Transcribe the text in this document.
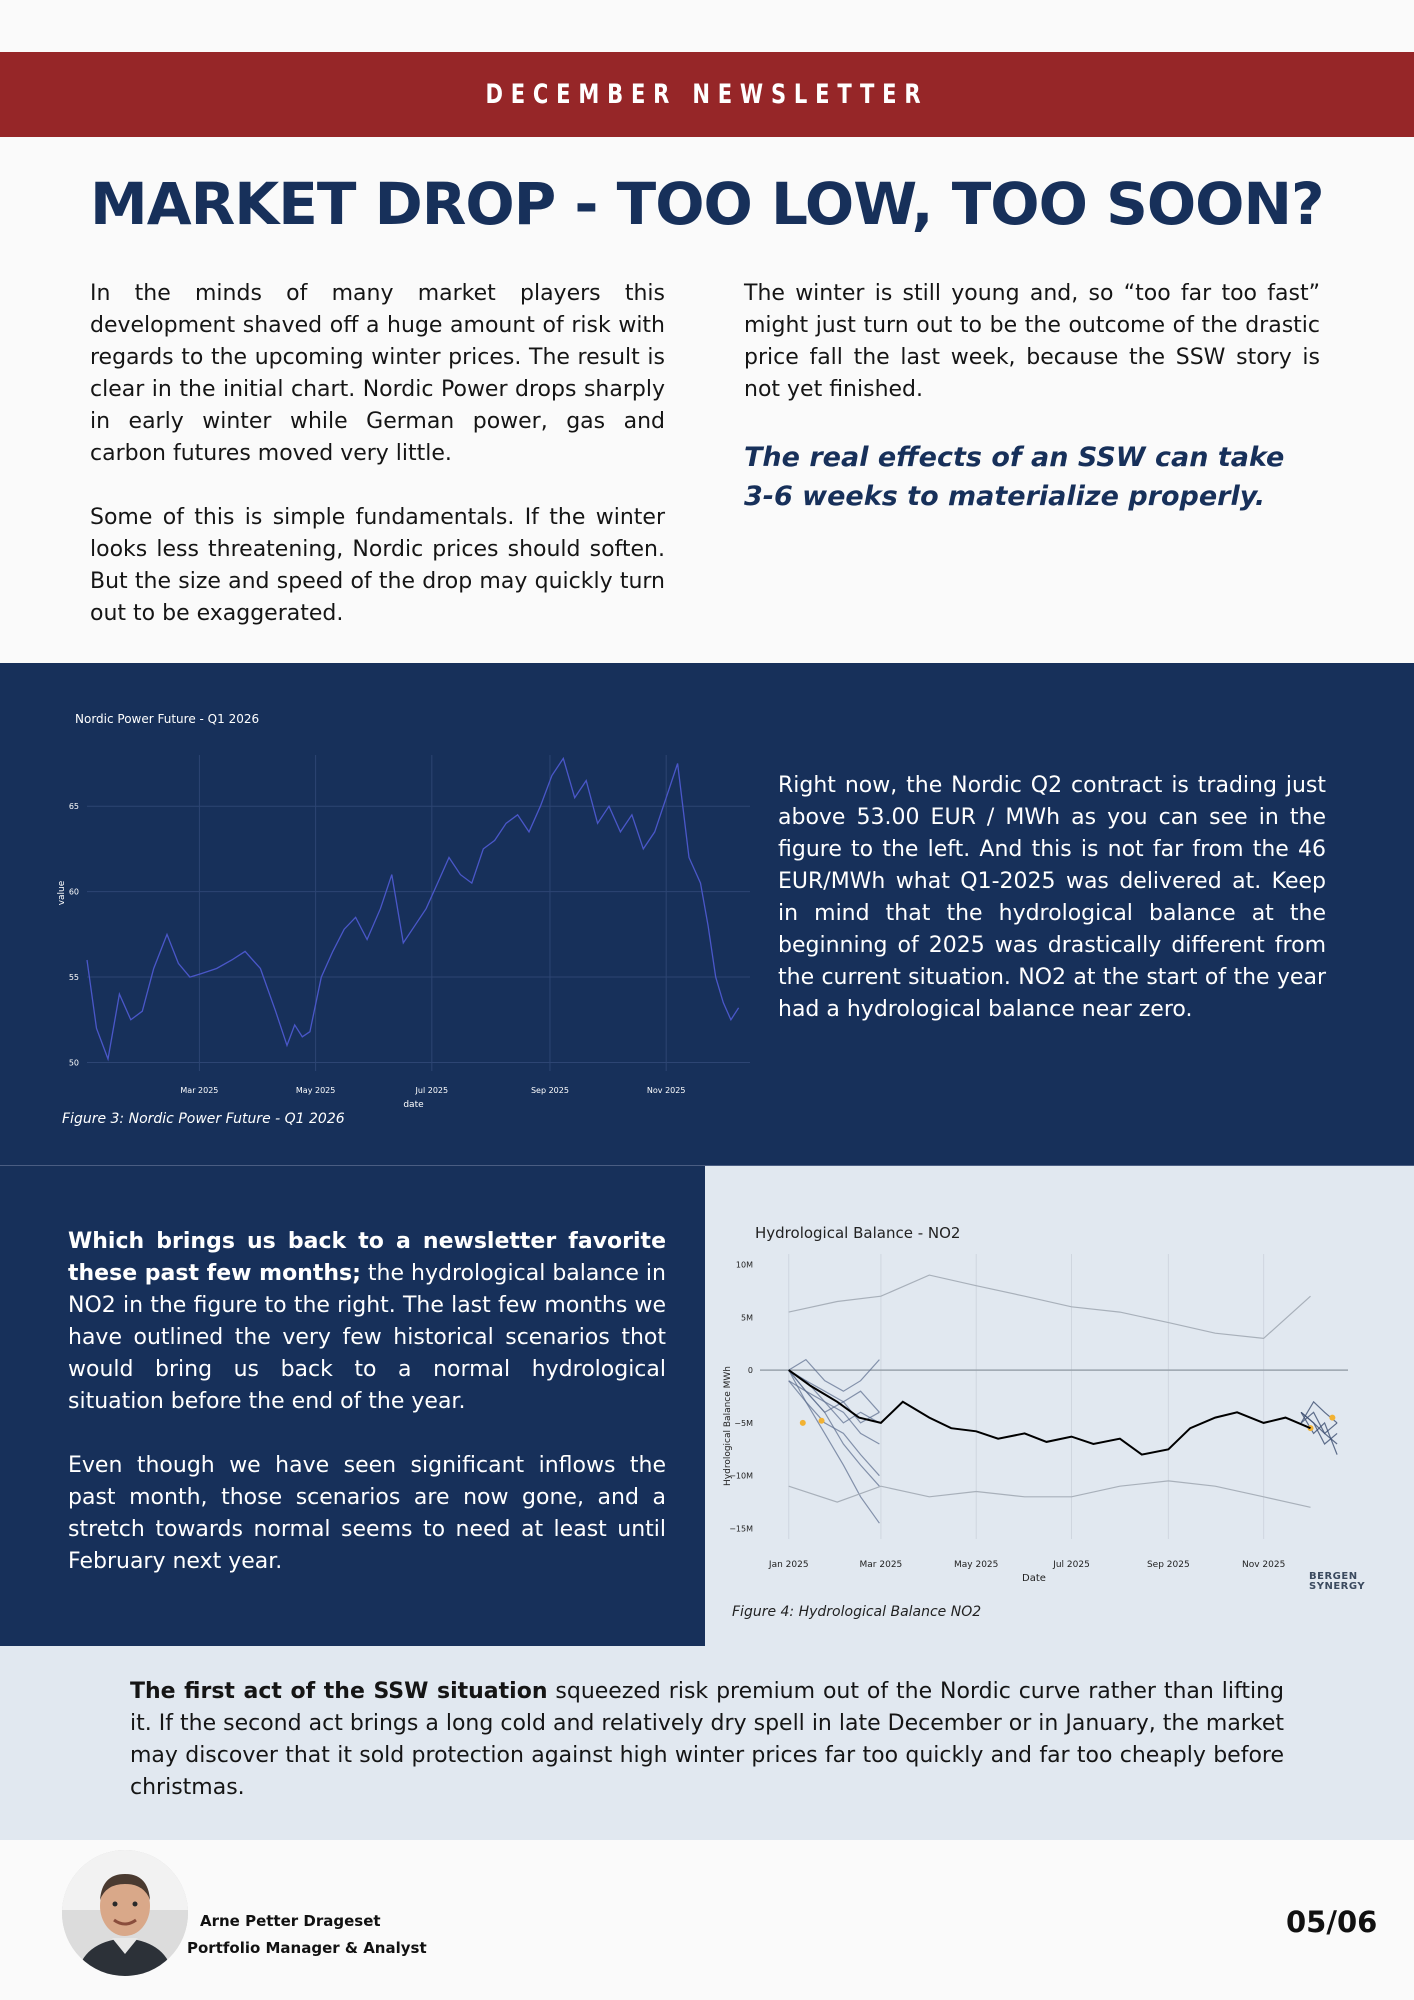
DECEMBER NEWSLETTER
MARKET DROP - TOO LOW, TOO SOON?

In the minds of many market players this development shaved off a huge amount of risk with regards to the upcoming winter prices. The result is clear in the initial chart. Nordic Power drops sharply in early winter while German power, gas and carbon futures moved very little.

Some of this is simple fundamentals. If the winter looks less threatening, Nordic prices should soften. But the size and speed of the drop may quickly turn out to be exaggerated.

The winter is still young and, so “too far too fast” might just turn out to be the outcome of the drastic price fall the last week, because the SSW story is not yet finished.

The real effects of an SSW can take 3-6 weeks to materialize properly.
Nordic Power Future - Q1 2026
Mar 2025	May 2025	Jul 2025	Sep 2025	Nov 2025
50
55
60
65
date
value
Figure 3: Nordic Power Future - Q1 2026
Right now, the Nordic Q2 contract is trading just above 53.00 EUR / MWh as you can see in the figure to the left. And this is not far from the 46 EUR/MWh what Q1-2025 was delivered at. Keep in mind that the hydrological balance at the beginning of 2025 was drastically different from the current situation. NO2 at the start of the year had a hydrological balance near zero.

Which brings us back to a newsletter favorite these past few months; the hydrological balance in NO2 in the figure to the right. The last few months we have outlined the very few historical scenarios thot would bring us back to a normal hydrological situation before the end of the year.

Even though we have seen significant inflows the past month, those scenarios are now gone, and a stretch towards normal seems to need at least until February next year.

Hydrological Balance - NO2
Jan 2025	Mar 2025	May 2025	Jul 2025	Sep 2025	Nov 2025
10M
5M
0
−5M
−10M
−15M
Date
Hydrological Balance MWh
BERGEN
SYNERGY
Figure 4: Hydrological Balance NO2

The first act of the SSW situation squeezed risk premium out of the Nordic curve rather than lifting it. If the second act brings a long cold and relatively dry spell in late December or in January, the market may discover that it sold protection against high winter prices far too quickly and far too cheaply before christmas.

Arne Petter Drageset
Portfolio Manager & Analyst
05/06
